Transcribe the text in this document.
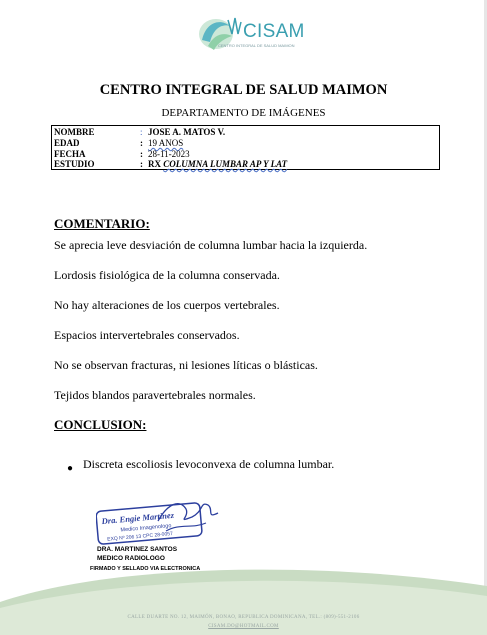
CISAM
CENTRO INTEGRAL DE SALUD MAIMON
CENTRO INTEGRAL DE SALUD MAIMON
DEPARTAMENTO DE IMÁGENES
NOMBRE	: JOSE A. MATOS V.
EDAD	: 19 ANOS
FECHA	: 28-11-2023
ESTUDIO	: RX COLUMNA LUMBAR AP Y LAT
COMENTARIO:
Se aprecia leve desviación de columna lumbar hacia la izquierda.
Lordosis fisiológica de la columna conservada.
No hay alteraciones de los cuerpos vertebrales.
Espacios intervertebrales conservados.
No se observan fracturas, ni lesiones líticas o blásticas.
Tejidos blandos paravertebrales normales.
CONCLUSION:
● Discreta escoliosis levoconvexa de columna lumbar.
Dra. Engie Martinez
Medico Imagenologo
EXQ Nº 206 13 CPC 28-0057
DRA. MARTINEZ SANTOS
MEDICO RADIOLOGO
FIRMADO Y SELLADO VIA ELECTRONICA
CALLE DUARTE NO. 12, MAIMÓN, BONAO, REPUBLICA DOMINICANA, TEL.: (809)-551-2106
CISAM.DO@HOTMAIL.COM
